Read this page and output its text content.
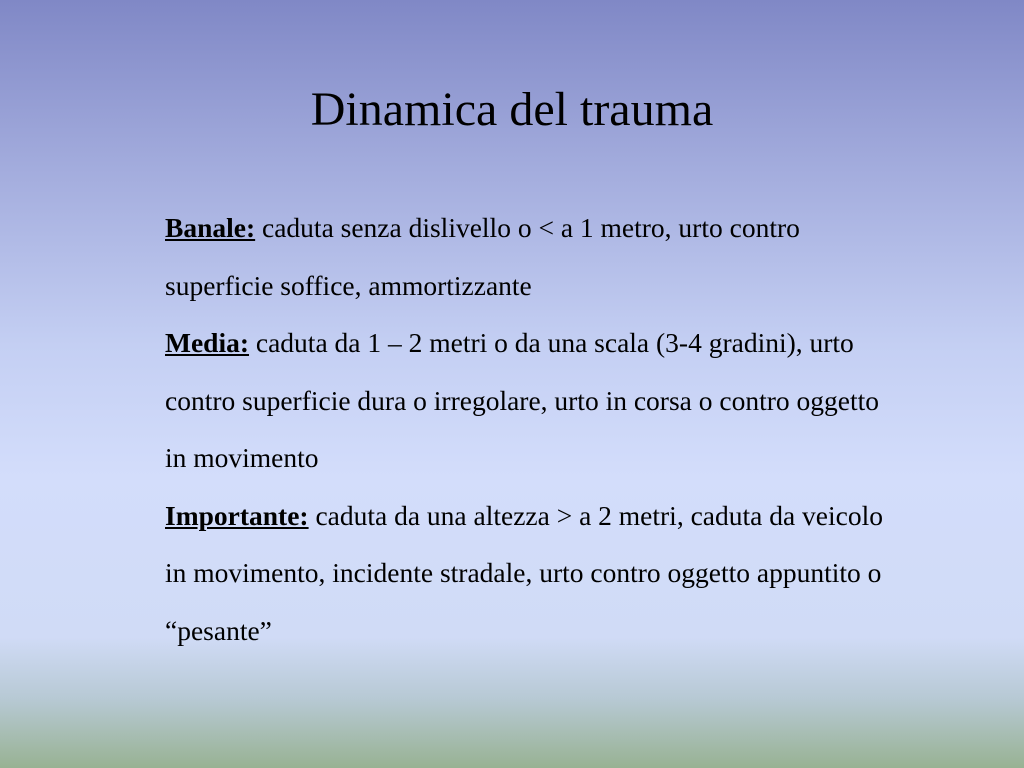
Dinamica del trauma

Banale: caduta senza dislivello o < a 1 metro, urto contro superficie soffice, ammortizzante

Media: caduta da 1 – 2 metri o da una scala (3-4 gradini), urto contro superficie dura o irregolare, urto in corsa o contro oggetto in movimento

Importante: caduta da una altezza > a 2 metri, caduta da veicolo in movimento, incidente stradale, urto contro oggetto appuntito o “pesante”
